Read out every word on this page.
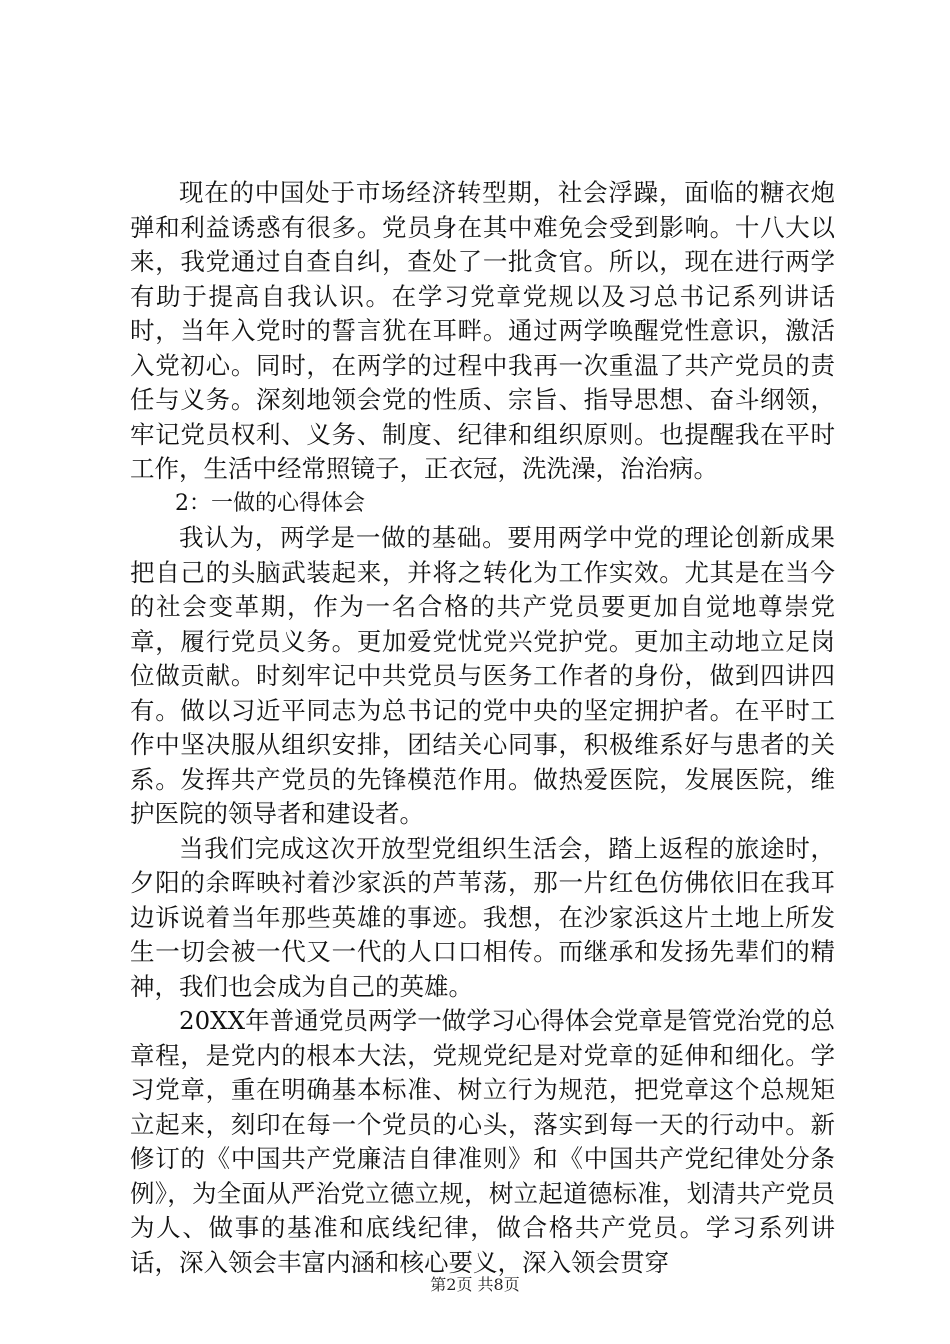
现在的中国处于市场经济转型期，社会浮躁，面临的糖衣炮弹和利益诱惑有很多。党员身在其中难免会受到影响。十八大以来，我党通过自查自纠，查处了一批贪官。所以，现在进行两学有助于提高自我认识。在学习党章党规以及习总书记系列讲话时，当年入党时的誓言犹在耳畔。通过两学唤醒党性意识，激活入党初心。同时，在两学的过程中我再一次重温了共产党员的责任与义务。深刻地领会党的性质、宗旨、指导思想、奋斗纲领，牢记党员权利、义务、制度、纪律和组织原则。也提醒我在平时工作，生活中经常照镜子，正衣冠，洗洗澡，治治病。

2：一做的心得体会

我认为，两学是一做的基础。要用两学中党的理论创新成果把自己的头脑武装起来，并将之转化为工作实效。尤其是在当今的社会变革期，作为一名合格的共产党员要更加自觉地尊崇党章，履行党员义务。更加爱党忧党兴党护党。更加主动地立足岗位做贡献。时刻牢记中共党员与医务工作者的身份，做到四讲四有。做以习近平同志为总书记的党中央的坚定拥护者。在平时工作中坚决服从组织安排，团结关心同事，积极维系好与患者的关系。发挥共产党员的先锋模范作用。做热爱医院，发展医院，维护医院的领导者和建设者。

当我们完成这次开放型党组织生活会，踏上返程的旅途时，夕阳的余晖映衬着沙家浜的芦苇荡，那一片红色仿佛依旧在我耳边诉说着当年那些英雄的事迹。我想，在沙家浜这片土地上所发生一切会被一代又一代的人口口相传。而继承和发扬先辈们的精神，我们也会成为自己的英雄。

20XX年普通党员两学一做学习心得体会党章是管党治党的总章程，是党内的根本大法，党规党纪是对党章的延伸和细化。学习党章，重在明确基本标准、树立行为规范，把党章这个总规矩立起来，刻印在每一个党员的心头，落实到每一天的行动中。新修订的《中国共产党廉洁自律准则》和《中国共产党纪律处分条例》，为全面从严治党立德立规，树立起道德标准，划清共产党员为人、做事的基准和底线纪律，做合格共产党员。学习系列讲话，深入领会丰富内涵和核心要义，深入领会贯穿

第2页 共8页
